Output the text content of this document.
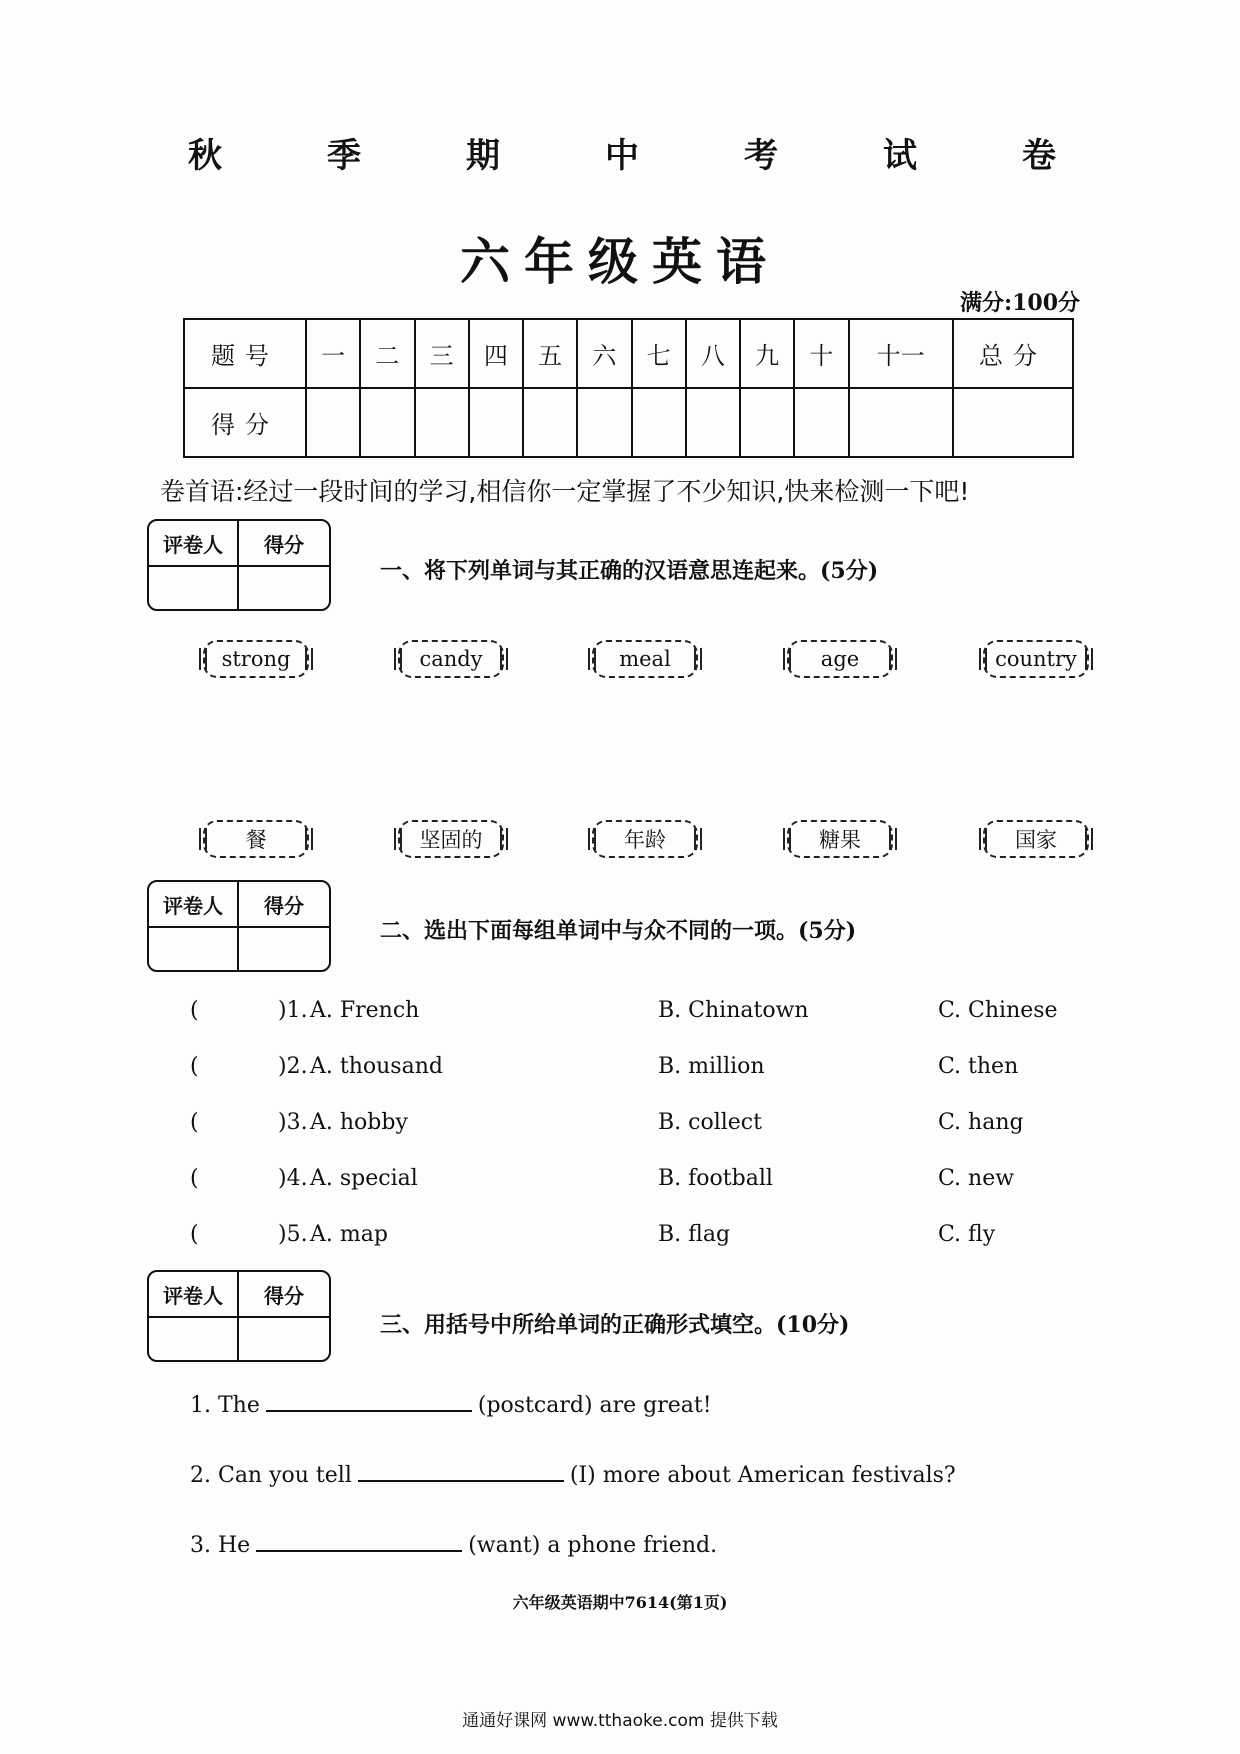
秋	季	期	中	考	试	卷
六年级英语
满分:100分
题号	一	二	三	四	五	六	七	八	九	十	十一	总分
得分												
卷首语:经过一段时间的学习,相信你一定掌握了不少知识,快来检测一下吧!
评卷人	得分
一、将下列单词与其正确的汉语意思连起来。(5分)
strong	candy	meal	age	country
餐	坚固的	年龄	糖果	国家
评卷人	得分
二、选出下面每组单词中与众不同的一项。(5分)
(	)1. A. French	B. Chinatown	C. Chinese
(	)2. A. thousand	B. million	C. then
(	)3. A. hobby	B. collect	C. hang
(	)4. A. special	B. football	C. new
(	)5. A. map	B. flag	C. fly
评卷人	得分
三、用括号中所给单词的正确形式填空。(10分)
1. The	(postcard) are great!
2. Can you tell	(I) more about American festivals?
3. He	(want) a phone friend.
六年级英语期中7614(第1页)
通通好课网 www.tthaoke.com 提供下载
